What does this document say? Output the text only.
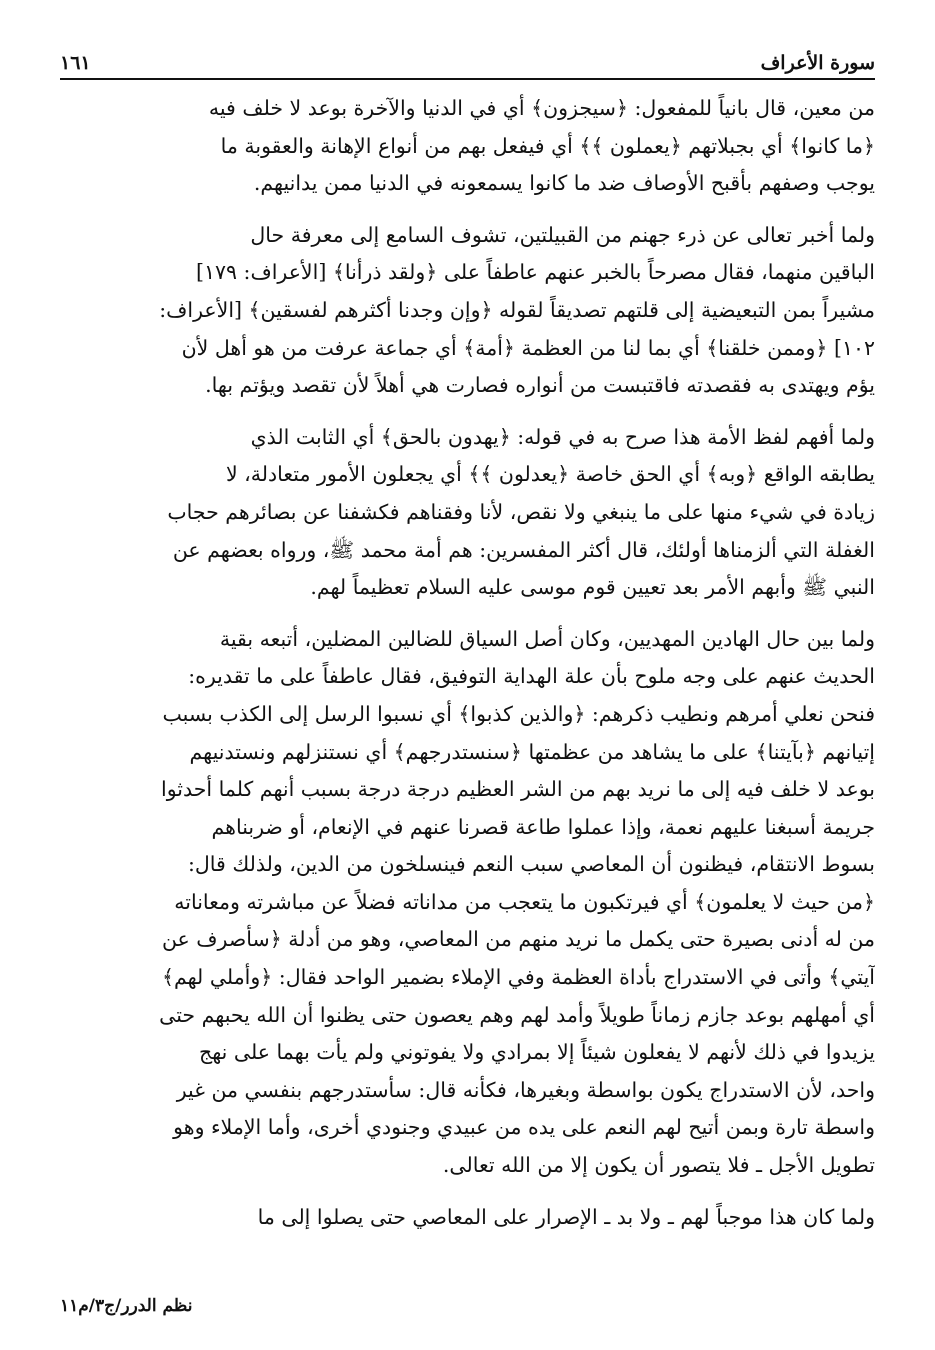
سورة الأعراف
١٦١
من معين، قال بانياً للمفعول: ﴿سيجزون﴾ أي في الدنيا والآخرة بوعد لا خلف فيه
﴿ما كانوا﴾ أي بجبلاتهم ﴿يعملون ﴾﴾ أي فيفعل بهم من أنواع الإهانة والعقوبة ما
يوجب وصفهم بأقبح الأوصاف ضد ما كانوا يسمعونه في الدنيا ممن يدانيهم.
ولما أخبر تعالى عن ذرء جهنم من القبيلتين، تشوف السامع إلى معرفة حال
الباقين منهما، فقال مصرحاً بالخبر عنهم عاطفاً على ﴿ولقد ذرأنا﴾ [الأعراف: ١٧٩]
مشيراً بمن التبعيضية إلى قلتهم تصديقاً لقوله ﴿وإن وجدنا أكثرهم لفسقين﴾ [الأعراف:
١٠٢] ﴿وممن خلقنا﴾ أي بما لنا من العظمة ﴿أمة﴾ أي جماعة عرفت من هو أهل لأن
يؤم ويهتدى به فقصدته فاقتبست من أنواره فصارت هي أهلاً لأن تقصد ويؤتم بها.
ولما أفهم لفظ الأمة هذا صرح به في قوله: ﴿يهدون بالحق﴾ أي الثابت الذي
يطابقه الواقع ﴿وبه﴾ أي الحق خاصة ﴿يعدلون ﴾﴾ أي يجعلون الأمور متعادلة، لا
زيادة في شيء منها على ما ينبغي ولا نقص، لأنا وفقناهم فكشفنا عن بصائرهم حجاب
الغفلة التي ألزمناها أولئك، قال أكثر المفسرين: هم أمة محمد ﷺ، ورواه بعضهم عن
النبي ﷺ وأبهم الأمر بعد تعيين قوم موسى عليه السلام تعظيماً لهم.
ولما بين حال الهادين المهديين، وكان أصل السياق للضالين المضلين، أتبعه بقية
الحديث عنهم على وجه ملوح بأن علة الهداية التوفيق، فقال عاطفاً على ما تقديره:
فنحن نعلي أمرهم ونطيب ذكرهم: ﴿والذين كذبوا﴾ أي نسبوا الرسل إلى الكذب بسبب
إتيانهم ﴿بآيتنا﴾ على ما يشاهد من عظمتها ﴿سنستدرجهم﴾ أي نستنزلهم ونستدنيهم
بوعد لا خلف فيه إلى ما نريد بهم من الشر العظيم درجة درجة بسبب أنهم كلما أحدثوا
جريمة أسبغنا عليهم نعمة، وإذا عملوا طاعة قصرنا عنهم في الإنعام، أو ضربناهم
بسوط الانتقام، فيظنون أن المعاصي سبب النعم فينسلخون من الدين، ولذلك قال:
﴿من حيث لا يعلمون﴾ أي فيرتكبون ما يتعجب من مداناته فضلاً عن مباشرته ومعاناته
من له أدنى بصيرة حتى يكمل ما نريد منهم من المعاصي، وهو من أدلة ﴿سأصرف عن
آيتي﴾ وأتى في الاستدراج بأداة العظمة وفي الإملاء بضمير الواحد فقال: ﴿وأملي لهم﴾
أي أمهلهم بوعد جازم زماناً طويلاً وأمد لهم وهم يعصون حتى يظنوا أن الله يحبهم حتى
يزيدوا في ذلك لأنهم لا يفعلون شيئاً إلا بمرادي ولا يفوتوني ولم يأت بهما على نهج
واحد، لأن الاستدراج يكون بواسطة وبغيرها، فكأنه قال: سأستدرجهم بنفسي من غير
واسطة تارة وبمن أتيح لهم النعم على يده من عبيدي وجنودي أخرى، وأما الإملاء وهو
تطويل الأجل ـ فلا يتصور أن يكون إلا من الله تعالى.
ولما كان هذا موجباً لهم ـ ولا بد ـ الإصرار على المعاصي حتى يصلوا إلى ما
نظم الدرر/ج٣/م١١
